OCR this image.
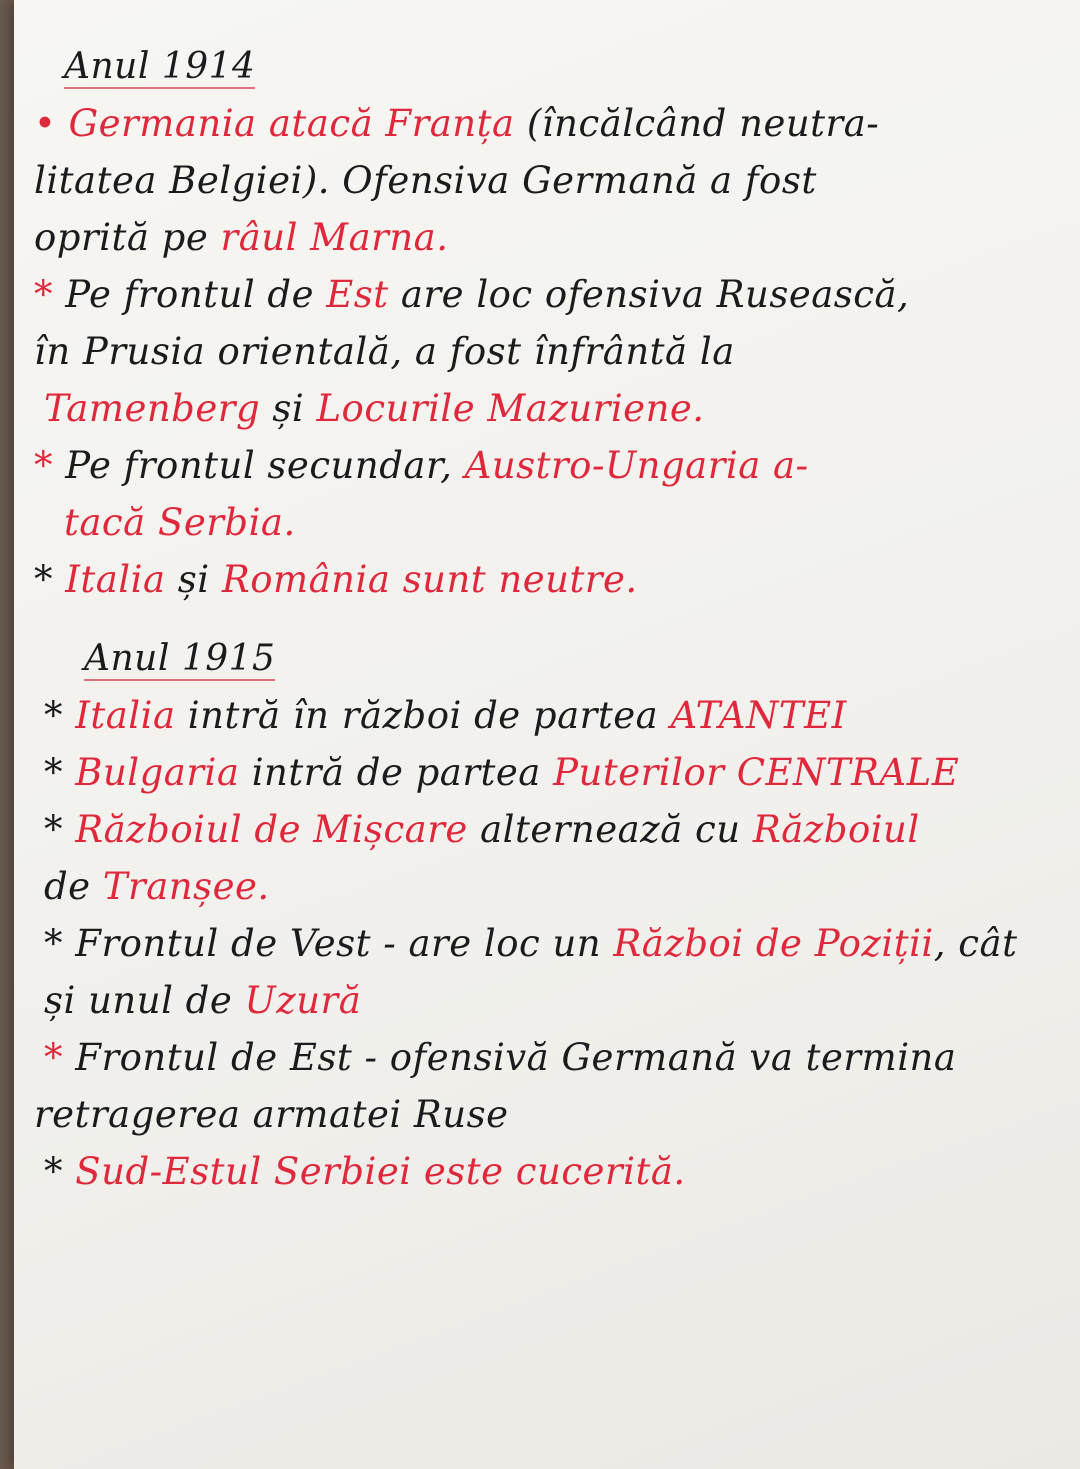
Anul 1914
• Germania atacă Franța (încălcând neutra-
litatea Belgiei). Ofensiva Germană a fost
oprită pe râul Marna.
* Pe frontul de Est are loc ofensiva Rusească,
în Prusia orientală, a fost înfrântă la
Tamenberg și Locurile Mazuriene.
* Pe frontul secundar, Austro-Ungaria a-
tacă Serbia.
* Italia și România sunt neutre.
Anul 1915
* Italia intră în război de partea ATANTEI
* Bulgaria intră de partea Puterilor CENTRALE
* Războiul de Mișcare alternează cu Războiul
de Tranșee.
* Frontul de Vest - are loc un Război de Poziții, cât
și unul de Uzură
* Frontul de Est - ofensivă Germană va termina
retragerea armatei Ruse
* Sud-Estul Serbiei este cucerită.
